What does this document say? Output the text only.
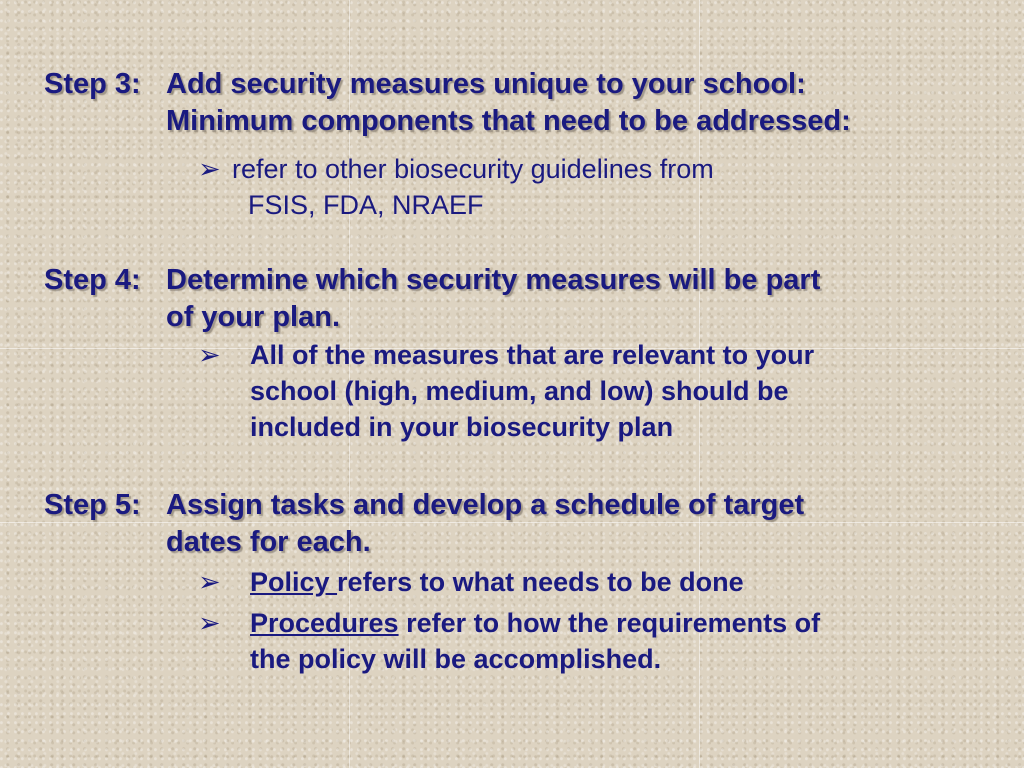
Step 3: Add security measures unique to your school:
Minimum components that need to be addressed:
➢ refer to other biosecurity guidelines from
FSIS, FDA, NRAEF
Step 4: Determine which security measures will be part
of your plan.
➢ All of the measures that are relevant to your
school (high, medium, and low) should be
included in your biosecurity plan
Step 5: Assign tasks and develop a schedule of target
dates for each.
➢ Policy refers to what needs to be done
➢ Procedures refer to how the requirements of
the policy will be accomplished.
